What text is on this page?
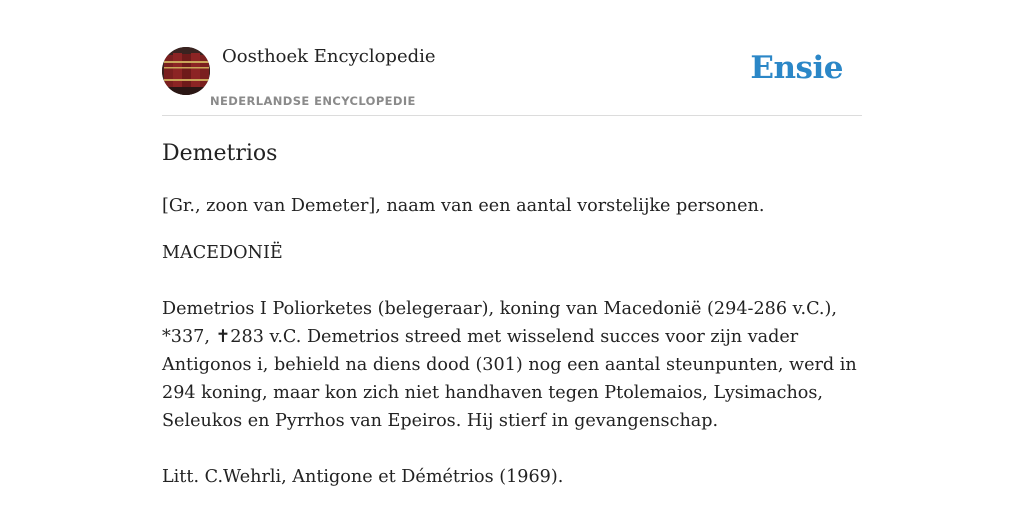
Oosthoek Encyclopedie
NEDERLANDSE ENCYCLOPEDIE
Ensie
Demetrios

[Gr., zoon van Demeter], naam van een aantal vorstelijke personen.

MACEDONIË

Demetrios I Poliorketes (belegeraar), koning van Macedonië (294-286 v.C.), *337, ✝283 v.C. Demetrios streed met wisselend succes voor zijn vader Antigonos i, behield na diens dood (301) nog een aantal steunpunten, werd in 294 koning, maar kon zich niet handhaven tegen Ptolemaios, Lysimachos, Seleukos en Pyrrhos van Epeiros. Hij stierf in gevangenschap.

Litt. C.Wehrli, Antigone et Démétrios (1969).
